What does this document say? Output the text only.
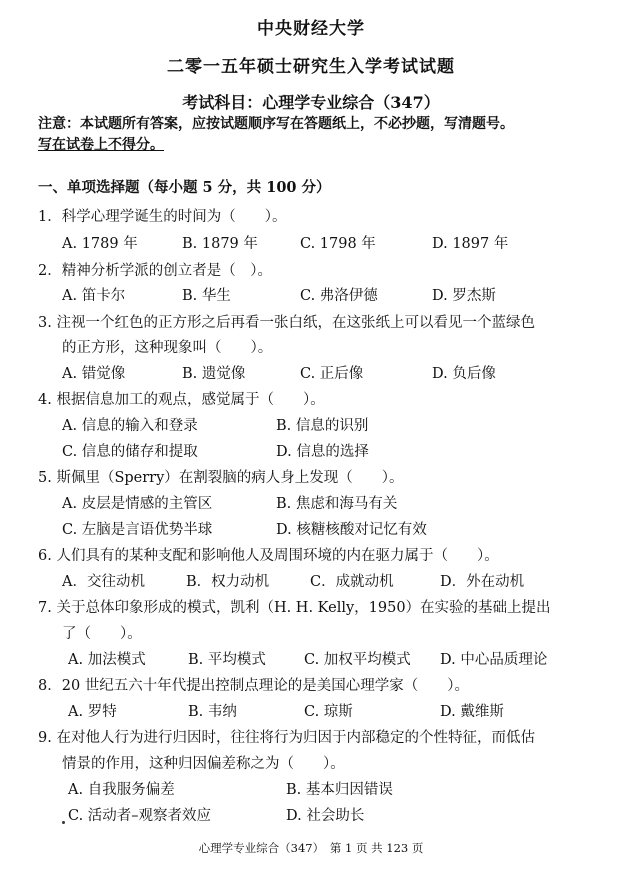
中央财经大学
二零一五年硕士研究生入学考试试题
考试科目：心理学专业综合（347）
注意：本试题所有答案，应按试题顺序写在答题纸上，不必抄题，写清题号。
写在试卷上不得分。
一、单项选择题（每小题 5 分，共 100 分）
1．科学心理学诞生的时间为（　　）。
A. 1789 年	B. 1879 年	C. 1798 年	D. 1897 年
2．精神分析学派的创立者是（　）。
A. 笛卡尔	B. 华生	C. 弗洛伊德	D. 罗杰斯
3. 注视一个红色的正方形之后再看一张白纸，在这张纸上可以看见一个蓝绿色
的正方形，这种现象叫（　　）。
A. 错觉像	B. 遗觉像	C. 正后像	D. 负后像
4. 根据信息加工的观点，感觉属于（　　）。
A. 信息的输入和登录	B. 信息的识别
C. 信息的储存和提取	D. 信息的选择
5. 斯佩里（Sperry）在割裂脑的病人身上发现（　　）。
A. 皮层是情感的主管区	B. 焦虑和海马有关
C. 左脑是言语优势半球	D. 核糖核酸对记忆有效
6. 人们具有的某种支配和影响他人及周围环境的内在驱力属于（　　）。
A．交往动机	B．权力动机	C．成就动机	D．外在动机
7. 关于总体印象形成的模式，凯利（H. H. Kelly，1950）在实验的基础上提出
了（　　）。
A. 加法模式	B. 平均模式	C. 加权平均模式 D. 中心品质理论
8．20 世纪五六十年代提出控制点理论的是美国心理学家（　　）。
A. 罗特	B. 韦纳	C. 琼斯	D. 戴维斯
9. 在对他人行为进行归因时，往往将行为归因于内部稳定的个性特征，而低估
情景的作用，这种归因偏差称之为（　　）。
A. 自我服务偏差	B. 基本归因错误
C. 活动者–观察者效应	D. 社会助长
心理学专业综合（347）　第 1 页 共 123 页
